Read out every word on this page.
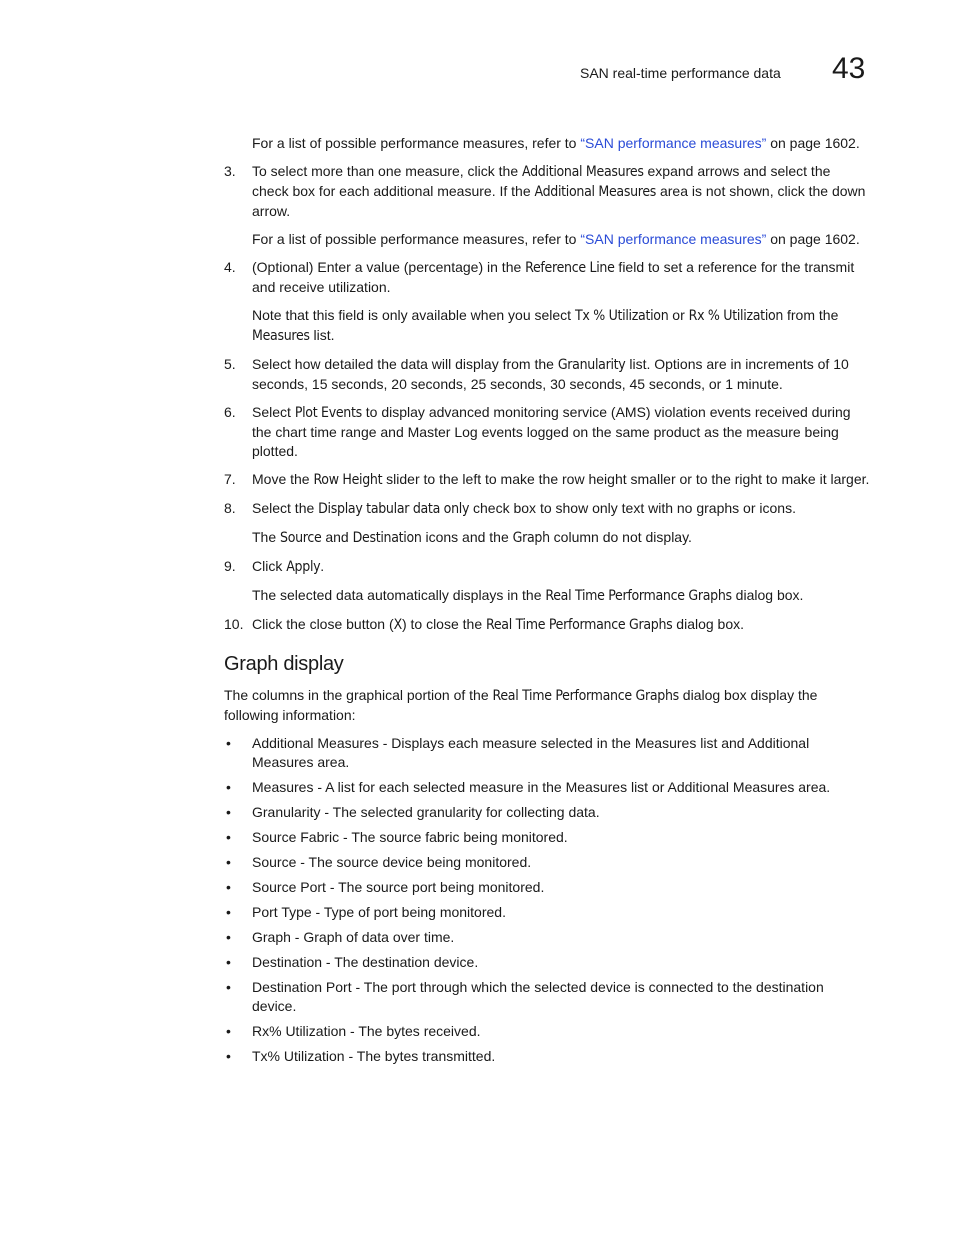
SAN real-time performance data 43

For a list of possible performance measures, refer to “SAN performance measures” on page 1602.

3. To select more than one measure, click the Additional Measures expand arrows and select the check box for each additional measure. If the Additional Measures area is not shown, click the down arrow.

For a list of possible performance measures, refer to “SAN performance measures” on page 1602.

4. (Optional) Enter a value (percentage) in the Reference Line field to set a reference for the transmit and receive utilization.

Note that this field is only available when you select Tx % Utilization or Rx % Utilization from the Measures list.

5. Select how detailed the data will display from the Granularity list. Options are in increments of 10 seconds, 15 seconds, 20 seconds, 25 seconds, 30 seconds, 45 seconds, or 1 minute.

6. Select Plot Events to display advanced monitoring service (AMS) violation events received during the chart time range and Master Log events logged on the same product as the measure being plotted.

7. Move the Row Height slider to the left to make the row height smaller or to the right to make it larger.

8. Select the Display tabular data only check box to show only text with no graphs or icons.

The Source and Destination icons and the Graph column do not display.

9. Click Apply.

The selected data automatically displays in the Real Time Performance Graphs dialog box.

10. Click the close button (X) to close the Real Time Performance Graphs dialog box.

Graph display

The columns in the graphical portion of the Real Time Performance Graphs dialog box display the following information:

• Additional Measures - Displays each measure selected in the Measures list and Additional Measures area.

• Measures - A list for each selected measure in the Measures list or Additional Measures area.

• Granularity - The selected granularity for collecting data.

• Source Fabric - The source fabric being monitored.

• Source - The source device being monitored.

• Source Port - The source port being monitored.

• Port Type - Type of port being monitored.

• Graph - Graph of data over time.

• Destination - The destination device.

• Destination Port - The port through which the selected device is connected to the destination device.

• Rx% Utilization - The bytes received.

• Tx% Utilization - The bytes transmitted.
